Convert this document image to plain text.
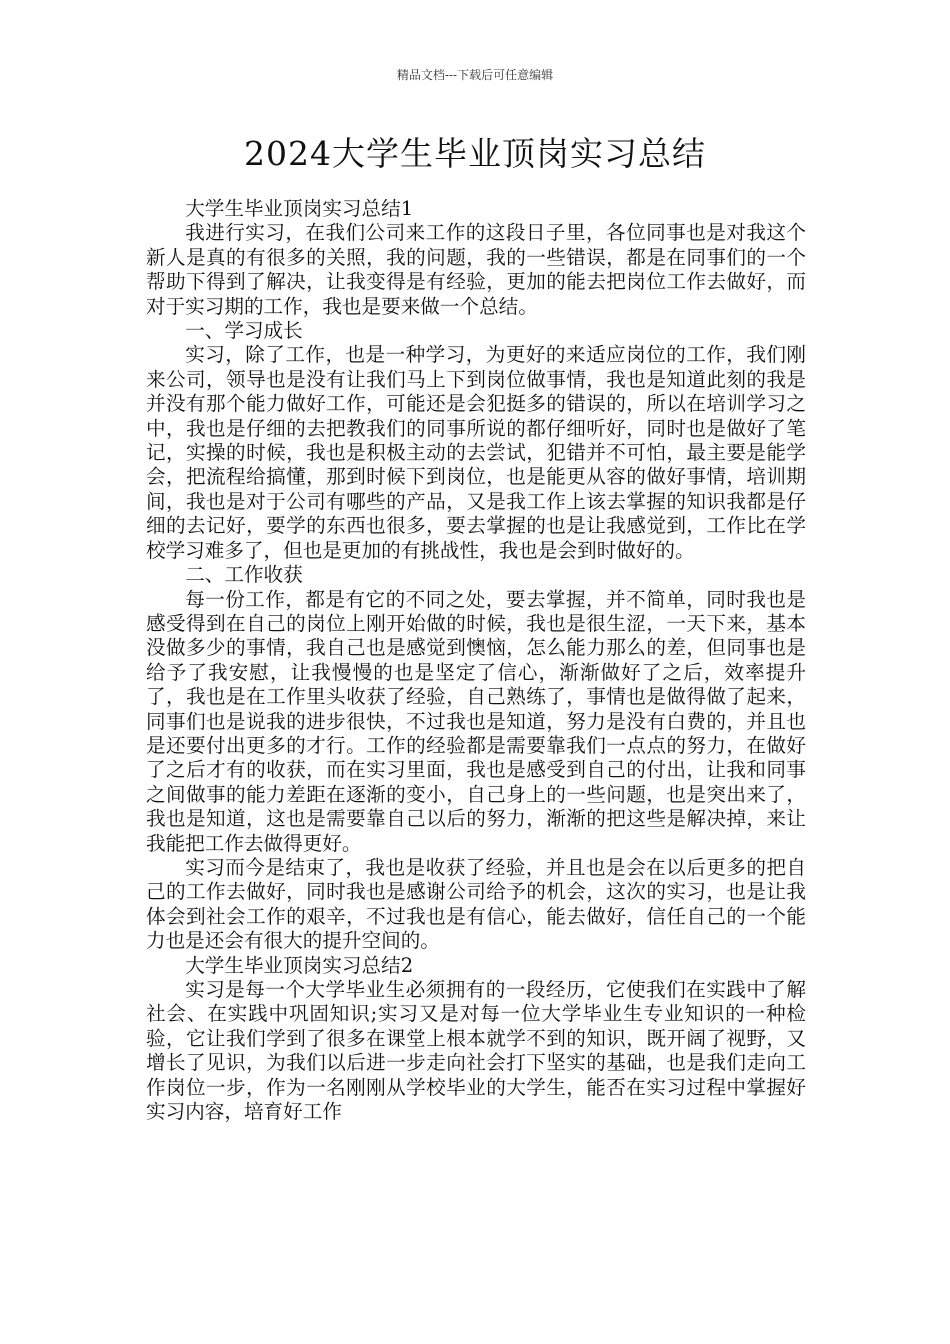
精品文档---下载后可任意编辑
2024大学生毕业顶岗实习总结
大学生毕业顶岗实习总结1

我进行实习，在我们公司来工作的这段日子里，各位同事也是对我这个新人是真的有很多的关照，我的问题，我的一些错误，都是在同事们的一个帮助下得到了解决，让我变得是有经验，更加的能去把岗位工作去做好，而对于实习期的工作，我也是要来做一个总结。

一、学习成长

实习，除了工作，也是一种学习，为更好的来适应岗位的工作，我们刚来公司，领导也是没有让我们马上下到岗位做事情，我也是知道此刻的我是并没有那个能力做好工作，可能还是会犯挺多的错误的，所以在培训学习之中，我也是仔细的去把教我们的同事所说的都仔细听好，同时也是做好了笔记，实操的时候，我也是积极主动的去尝试，犯错并不可怕，最主要是能学会，把流程给搞懂，那到时候下到岗位，也是能更从容的做好事情，培训期间，我也是对于公司有哪些的产品，又是我工作上该去掌握的知识我都是仔细的去记好，要学的东西也很多，要去掌握的也是让我感觉到，工作比在学校学习难多了，但也是更加的有挑战性，我也是会到时做好的。

二、工作收获

每一份工作，都是有它的不同之处，要去掌握，并不简单，同时我也是感受得到在自己的岗位上刚开始做的时候，我也是很生涩，一天下来，基本没做多少的事情，我自己也是感觉到懊恼，怎么能力那么的差，但同事也是给予了我安慰，让我慢慢的也是坚定了信心，渐渐做好了之后，效率提升了，我也是在工作里头收获了经验，自己熟练了，事情也是做得做了起来，同事们也是说我的进步很快，不过我也是知道，努力是没有白费的，并且也是还要付出更多的才行。工作的经验都是需要靠我们一点点的努力，在做好了之后才有的收获，而在实习里面，我也是感受到自己的付出，让我和同事之间做事的能力差距在逐渐的变小，自己身上的一些问题，也是突出来了，我也是知道，这也是需要靠自己以后的努力，渐渐的把这些是解决掉，来让我能把工作去做得更好。

实习而今是结束了，我也是收获了经验，并且也是会在以后更多的把自己的工作去做好，同时我也是感谢公司给予的机会，这次的实习，也是让我体会到社会工作的艰辛，不过我也是有信心，能去做好，信任自己的一个能力也是还会有很大的提升空间的。

大学生毕业顶岗实习总结2

实习是每一个大学毕业生必须拥有的一段经历，它使我们在实践中了解社会、在实践中巩固知识;实习又是对每一位大学毕业生专业知识的一种检验，它让我们学到了很多在课堂上根本就学不到的知识，既开阔了视野，又增长了见识，为我们以后进一步走向社会打下坚实的基础，也是我们走向工作岗位一步，作为一名刚刚从学校毕业的大学生，能否在实习过程中掌握好实习内容，培育好工作
